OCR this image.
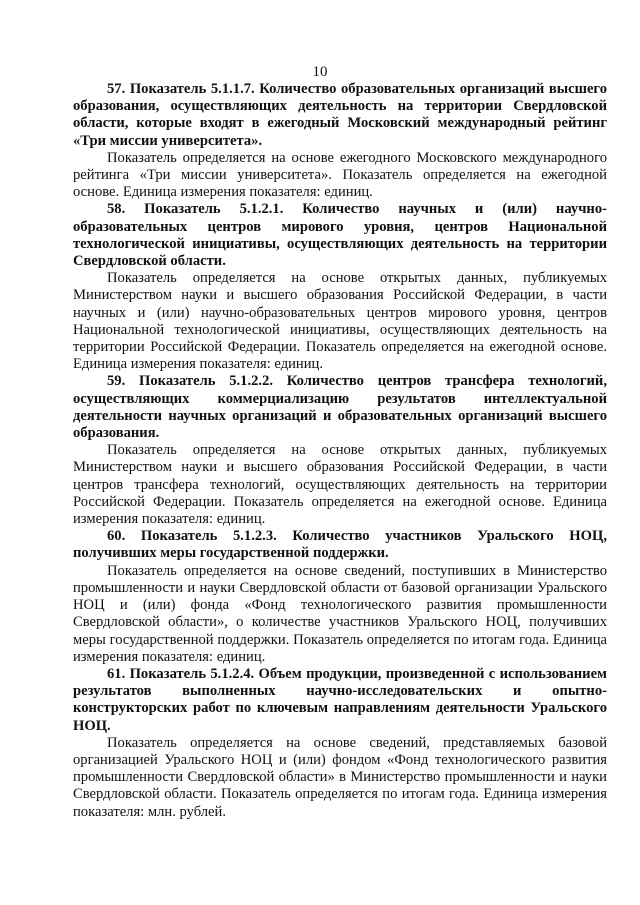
10

57. Показатель 5.1.1.7. Количество образовательных организаций высшего образования, осуществляющих деятельность на территории Свердловской области, которые входят в ежегодный Московский международный рейтинг «Три миссии университета».

Показатель определяется на основе ежегодного Московского международного рейтинга «Три миссии университета». Показатель определяется на ежегодной основе. Единица измерения показателя: единиц.

58. Показатель 5.1.2.1. Количество научных и (или) научно-образовательных центров мирового уровня, центров Национальной технологической инициативы, осуществляющих деятельность на территории Свердловской области.

Показатель определяется на основе открытых данных, публикуемых Министерством науки и высшего образования Российской Федерации, в части научных и (или) научно-образовательных центров мирового уровня, центров Национальной технологической инициативы, осуществляющих деятельность на территории Российской Федерации. Показатель определяется на ежегодной основе. Единица измерения показателя: единиц.

59. Показатель 5.1.2.2. Количество центров трансфера технологий, осуществляющих коммерциализацию результатов интеллектуальной деятельности научных организаций и образовательных организаций высшего образования.

Показатель определяется на основе открытых данных, публикуемых Министерством науки и высшего образования Российской Федерации, в части центров трансфера технологий, осуществляющих деятельность на территории Российской Федерации. Показатель определяется на ежегодной основе. Единица измерения показателя: единиц.

60. Показатель 5.1.2.3. Количество участников Уральского НОЦ, получивших меры государственной поддержки.

Показатель определяется на основе сведений, поступивших в Министерство промышленности и науки Свердловской области от базовой организации Уральского НОЦ и (или) фонда «Фонд технологического развития промышленности Свердловской области», о количестве участников Уральского НОЦ, получивших меры государственной поддержки. Показатель определяется по итогам года. Единица измерения показателя: единиц.

61. Показатель 5.1.2.4. Объем продукции, произведенной с использованием результатов выполненных научно-исследовательских и опытно-конструкторских работ по ключевым направлениям деятельности Уральского НОЦ.

Показатель определяется на основе сведений, представляемых базовой организацией Уральского НОЦ и (или) фондом «Фонд технологического развития промышленности Свердловской области» в Министерство промышленности и науки Свердловской области. Показатель определяется по итогам года. Единица измерения показателя: млн. рублей.
